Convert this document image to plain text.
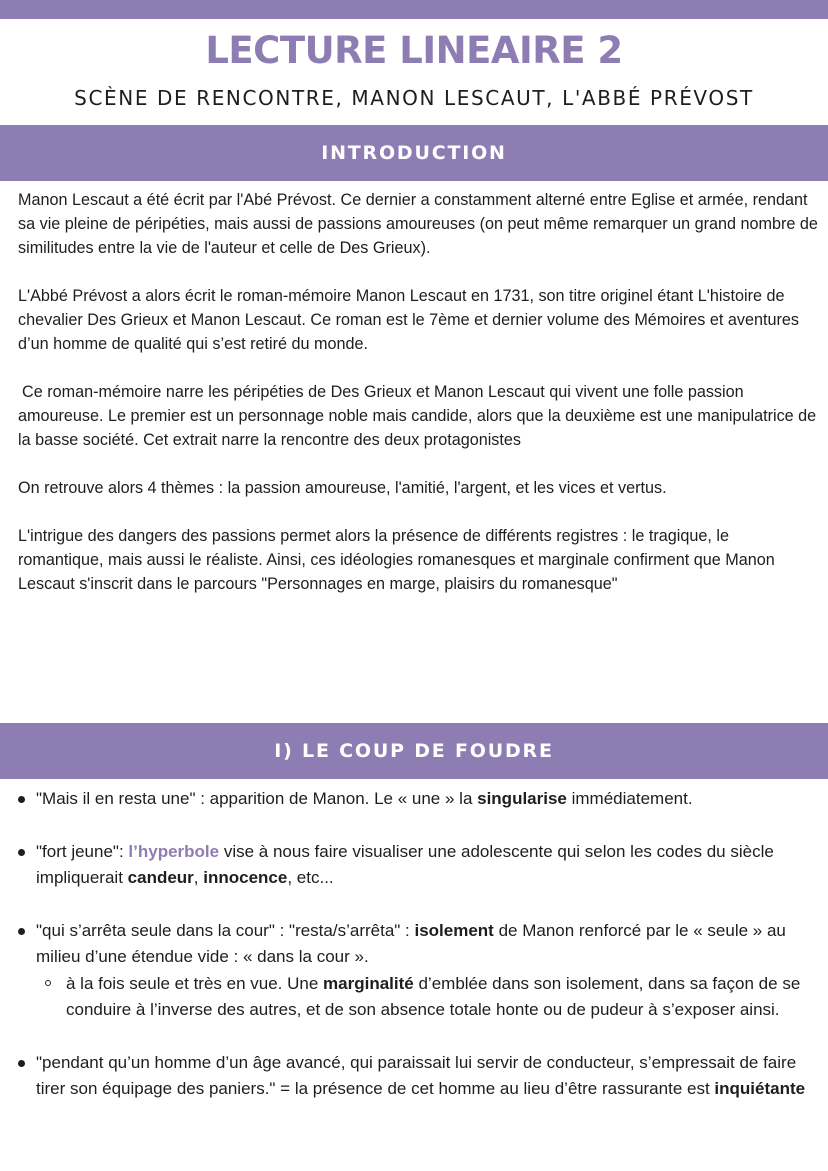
LECTURE LINEAIRE 2
SCÈNE DE RENCONTRE, MANON LESCAUT, L'ABBÉ PRÉVOST
INTRODUCTION

Manon Lescaut a été écrit par l'Abé Prévost. Ce dernier a constamment alterné entre Eglise et armée, rendant sa vie pleine de péripéties, mais aussi de passions amoureuses (on peut même remarquer un grand nombre de similitudes entre la vie de l'auteur et celle de Des Grieux).

L'Abbé Prévost a alors écrit le roman-mémoire Manon Lescaut en 1731, son titre originel étant L'histoire de chevalier Des Grieux et Manon Lescaut. Ce roman est le 7ème et dernier volume des Mémoires et aventures d’un homme de qualité qui s’est retiré du monde.

Ce roman-mémoire narre les péripéties de Des Grieux et Manon Lescaut qui vivent une folle passion amoureuse. Le premier est un personnage noble mais candide, alors que la deuxième est une manipulatrice de la basse société. Cet extrait narre la rencontre des deux protagonistes

On retrouve alors 4 thèmes : la passion amoureuse, l'amitié, l'argent, et les vices et vertus.

L'intrigue des dangers des passions permet alors la présence de différents registres : le tragique, le romantique, mais aussi le réaliste. Ainsi, ces idéologies romanesques et marginale confirment que Manon Lescaut s'inscrit dans le parcours "Personnages en marge, plaisirs du romanesque"

I) LE COUP DE FOUDRE
"Mais il en resta une" : apparition de Manon. Le « une » la singularise immédiatement.
"fort jeune": l’hyperbole vise à nous faire visualiser une adolescente qui selon les codes du siècle impliquerait candeur, innocence, etc...
"qui s’arrêta seule dans la cour" : "resta/s’arrêta" : isolement de Manon renforcé par le « seule » au milieu d’une étendue vide : « dans la cour ».
à la fois seule et très en vue. Une marginalité d’emblée dans son isolement, dans sa façon de se conduire à l’inverse des autres, et de son absence totale honte ou de pudeur à s’exposer ainsi.
"pendant qu’un homme d’un âge avancé, qui paraissait lui servir de conducteur, s’empressait de faire tirer son équipage des paniers." = la présence de cet homme au lieu d’être rassurante est inquiétante
